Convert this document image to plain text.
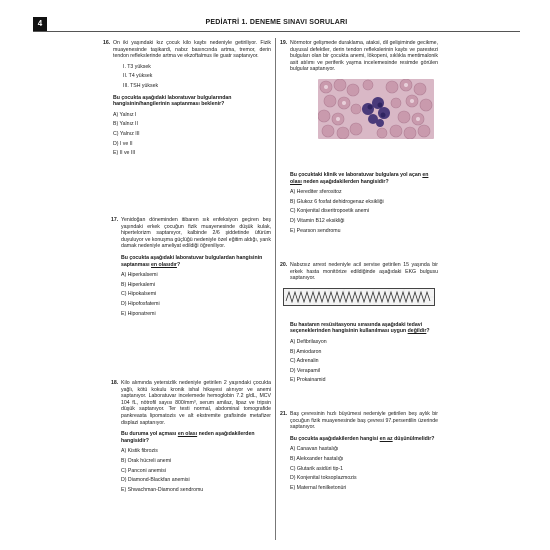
4	PEDİATRİ 1. DENEME SINAVI SORULARI
16. On iki yaşındaki kız çocuk kilo kaybı nedeniyle getiriliyor. Fizik muayenesinde taşikardi, nabız basıncında artma, tremor, derin tendon reflekslerinde artma ve ekzoftalmus ile guatr saptanıyor.
I. T3 yüksek
II. T4 yüksek
III. TSH yüksek
Bu çocukta aşağıdaki laboratuvar bulgularından hangisinin/hangilerinin saptanması beklenir?
A) Yalnız I
B) Yalnız II
C) Yalnız III
D) I ve II
E) II ve III
17. Yenidoğan döneminden itibaren sık enfeksiyon geçiren beş yaşındaki erkek çocuğun fizik muayenesinde düşük kulak, hipertelorizm saptanıyor, kalbinde 2/6 şiddetinde üfürüm duyuluyor ve konuşma güçlüğü nedeniyle özel eğitim aldığı, yarık damak nedeniyle ameliyat edildiği öğreniliyor.
Bu çocukta aşağıdaki laboratuvar bulgulardan hangisinin saptanması en olasıdır?
A) Hiperkalsemi
B) Hiperkalemi
C) Hipokalsemi
D) Hipofosfatemi
E) Hiponatremi
18. Kilo alımında yetersizlik nedeniyle getirilen 2 yaşındaki çocukta yağlı, kötü kokulu kronik ishal hikayesi alınıyor ve anemi saptanıyor. Laboratuvar incelemede hemoglobin 7.2 g/dL, MCV 104 fL, nötrofil sayısı 800/mm³, serum amilaz, lipaz ve tripsin düşük saptanıyor. Ter testi normal, abdominal tomografide pankreasta lipomatozis ve alt ekstremite grafisinde metafizer displazi saptanıyor.
Bu duruma yol açması en olası neden aşağıdakilerden hangisidir?
A) Kistik fibrozis
B) Orak hücreli anemi
C) Panconi anemisi
D) Diamond-Blackfan anemisi
E) Shwachman-Diamond sendromu
19. Nörmotor gelişmede duraklama, ataksi, dil gelişiminde gecikme, duyusal defektler, derin tendon reflekslerinin kaybı ve parestezi bulguları olan bir çocukta anemi, lökopeni, sıklıkla mentimalonik asit atılımı ve periferik yayma incelemesinde resimde görülen bulgular saptanıyor.
Bu çocuktaki klinik ve laboratuvar bulgulara yol açan en olası neden aşağıdakilerden hangisidir?
A) Herediter sferositoz
B) Glukoz 6 fosfat dehidrogenaz eksikliği
C) Konjenital diseritropoetik anemi
D) Vitamin B12 eksikliği
E) Pearson sendromu
20. Nabızsız arrest nedeniyle acil servise getirilen 15 yaşında bir erkek hasta monitörize edildiğinde aşağıdaki EKG bulgusu saptanıyor.
Bu hastanın resüsitasyonu sırasında aşağıdaki tedavi seçeneklerinden hangisinin kullanılması uygun değildir?
A) Defibrilasyon
B) Amiodaron
C) Adrenalin
D) Verapamil
E) Prokainamid
21. Baş çevresinin hızlı büyümesi nedeniyle getirilen beş aylık bir çocuğun fizik muayenesinde baş çevresi 97.persentilin üzerinde saptanıyor.
Bu çocukta aşağıdakilerden hangisi en az düşünülmelidir?
A) Canavan hastalığı
B) Alekxander hastalığı
C) Glutarik asidüri tip-1
D) Konjenital toksoplazmozis
E) Maternal fenilketonüri
